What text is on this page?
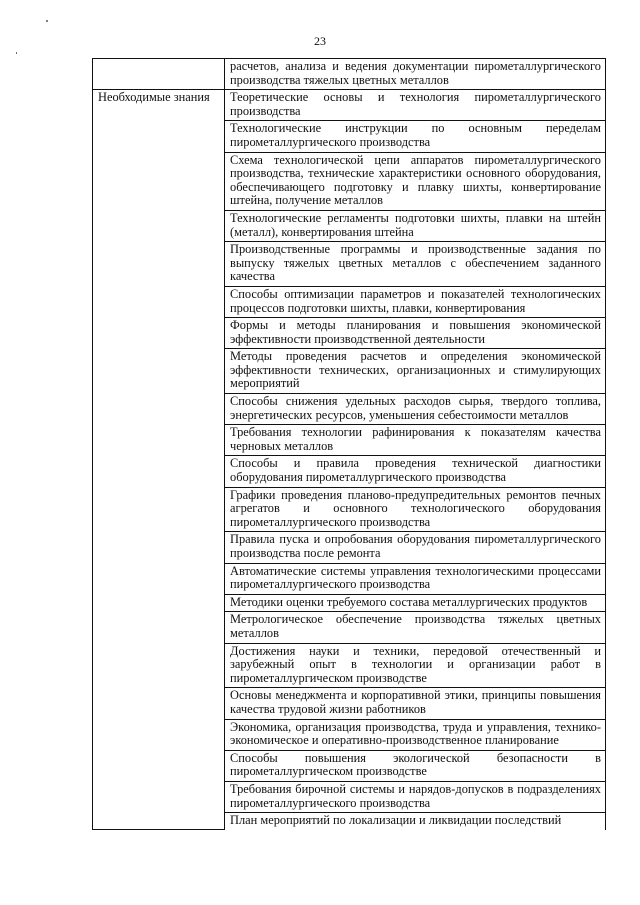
23
	расчетов, анализа и ведения документации пирометаллургического производства тяжелых цветных металлов
Необходимые знания	Теоретические основы и технология пирометаллургического производства
	Технологические инструкции по основным переделам пирометаллургического производства
	Схема технологической цепи аппаратов пирометаллургического производства, технические характеристики основного оборудования, обеспечивающего подготовку и плавку шихты, конвертирование штейна, получение металлов
	Технологические регламенты подготовки шихты, плавки на штейн (металл), конвертирования штейна
	Производственные программы и производственные задания по выпуску тяжелых цветных металлов с обеспечением заданного качества
	Способы оптимизации параметров и показателей технологических процессов подготовки шихты, плавки, конвертирования
	Формы и методы планирования и повышения экономической эффективности производственной деятельности
	Методы проведения расчетов и определения экономической эффективности технических, организационных и стимулирующих мероприятий
	Способы снижения удельных расходов сырья, твердого топлива, энергетических ресурсов, уменьшения себестоимости металлов
	Требования технологии рафинирования к показателям качества черновых металлов
	Способы и правила проведения технической диагностики оборудования пирометаллургического производства
	Графики проведения планово-предупредительных ремонтов печных агрегатов и основного технологического оборудования пирометаллургического производства
	Правила пуска и опробования оборудования пирометаллургического производства после ремонта
	Автоматические системы управления технологическими процессами пирометаллургического производства
	Методики оценки требуемого состава металлургических продуктов
	Метрологическое обеспечение производства тяжелых цветных металлов
	Достижения науки и техники, передовой отечественный и зарубежный опыт в технологии и организации работ в пирометаллургическом производстве
	Основы менеджмента и корпоративной этики, принципы повышения качества трудовой жизни работников
	Экономика, организация производства, труда и управления, технико-экономическое и оперативно-производственное планирование
	Способы повышения экологической безопасности в пирометаллургическом производстве
	Требования бирочной системы и нарядов-допусков в подразделениях пирометаллургического производства
	План мероприятий по локализации и ликвидации последствий
